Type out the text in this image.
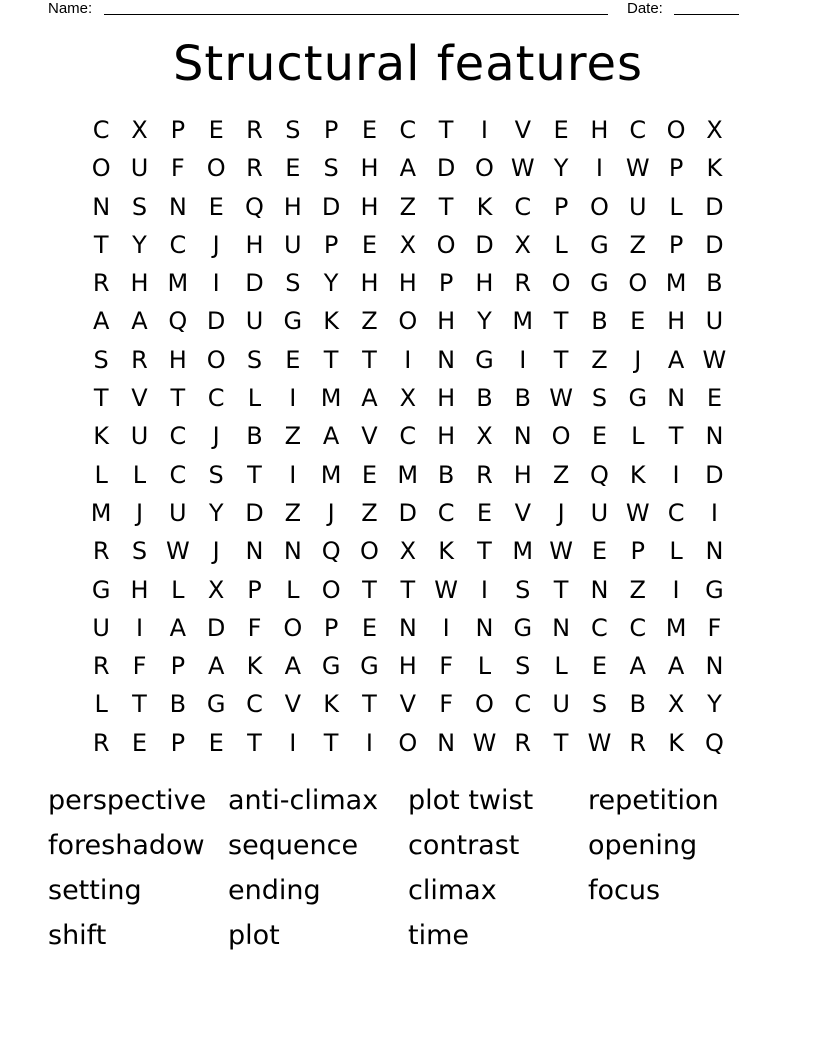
Name:	Date:
Structural features
C X P E R S P E C T	I	V E H C O X
O U F O R E S H A D O W Y	I W P K
N S N E Q H D H Z T K C P O U L D
T Y C	J	H U P E X O D X L G Z P D
R H M	I	D S Y H H P H R O G O M B
A A Q D U G K Z O H Y M T B E H U
S R H O S E T T	I	N G	I	T Z	J	A W
T V T C L	I	M A X H B B W S G N E
K U C	J	B Z A V C H X N O E	L	T N
L	L C S T	I	M E M B R H Z Q K	I	D
M	J	U Y D Z	J	Z D C E V	J	U W C	I
R S W J	N N Q O X K T M W E P	L N
G H L X P	L O T T W I	S T N Z	I	G
U	I	A D F O P E N	I	N G N C C M F
R F	P A K A G G H F	L	S	L	E A A N
L	T B G C V K T V F O C U S B X Y
R E P E T	I	T	I	O N W R T W R K Q
perspective anti-climax	plot twist	repetition
foreshadow sequence	contrast	opening
setting	ending	climax	focus
shift	plot	time
